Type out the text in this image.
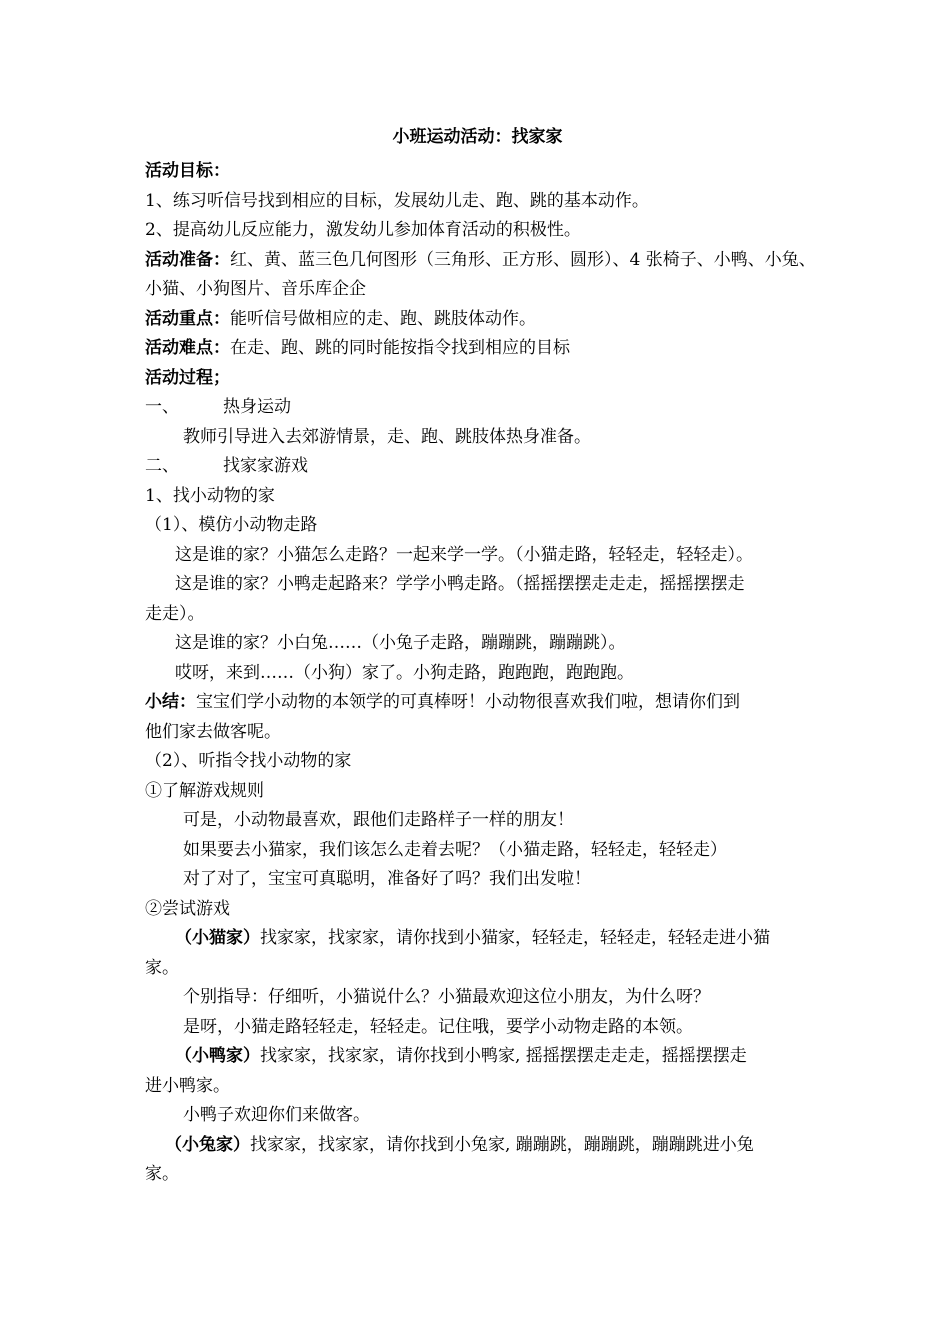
小班运动活动：找家家
活动目标：
1、练习听信号找到相应的目标，发展幼儿走、跑、跳的基本动作。
2、提高幼儿反应能力，激发幼儿参加体育活动的积极性。
活动准备：红、黄、蓝三色几何图形（三角形、正方形、圆形）、4 张椅子、小鸭、小兔、
小猫、小狗图片、音乐库企企
活动重点：能听信号做相应的走、跑、跳肢体动作。
活动难点：在走、跑、跳的同时能按指令找到相应的目标
活动过程；
一、	热身运动
教师引导进入去郊游情景，走、跑、跳肢体热身准备。
二、	找家家游戏
1、找小动物的家
（1）、模仿小动物走路
这是谁的家？小猫怎么走路？一起来学一学。（小猫走路，轻轻走，轻轻走）。
这是谁的家？小鸭走起路来？学学小鸭走路。（摇摇摆摆走走走，摇摇摆摆走
走走）。
这是谁的家？小白兔……（小兔子走路，蹦蹦跳，蹦蹦跳）。
哎呀，来到……（小狗）家了。小狗走路，跑跑跑，跑跑跑。
小结：宝宝们学小动物的本领学的可真棒呀！小动物很喜欢我们啦，想请你们到
他们家去做客呢。
（2）、听指令找小动物的家
①了解游戏规则
可是，小动物最喜欢，跟他们走路样子一样的朋友！
如果要去小猫家，我们该怎么走着去呢？（小猫走路，轻轻走，轻轻走）
对了对了，宝宝可真聪明，准备好了吗？我们出发啦！
②尝试游戏
（小猫家）找家家，找家家，请你找到小猫家，轻轻走，轻轻走，轻轻走进小猫
家。
个别指导：仔细听，小猫说什么？小猫最欢迎这位小朋友，为什么呀？
是呀，小猫走路轻轻走，轻轻走。记住哦，要学小动物走路的本领。
（小鸭家）找家家，找家家，请你找到小鸭家, 摇摇摆摆走走走，摇摇摆摆走
进小鸭家。
小鸭子欢迎你们来做客。
（小兔家）找家家，找家家，请你找到小兔家, 蹦蹦跳，蹦蹦跳，蹦蹦跳进小兔
家。
